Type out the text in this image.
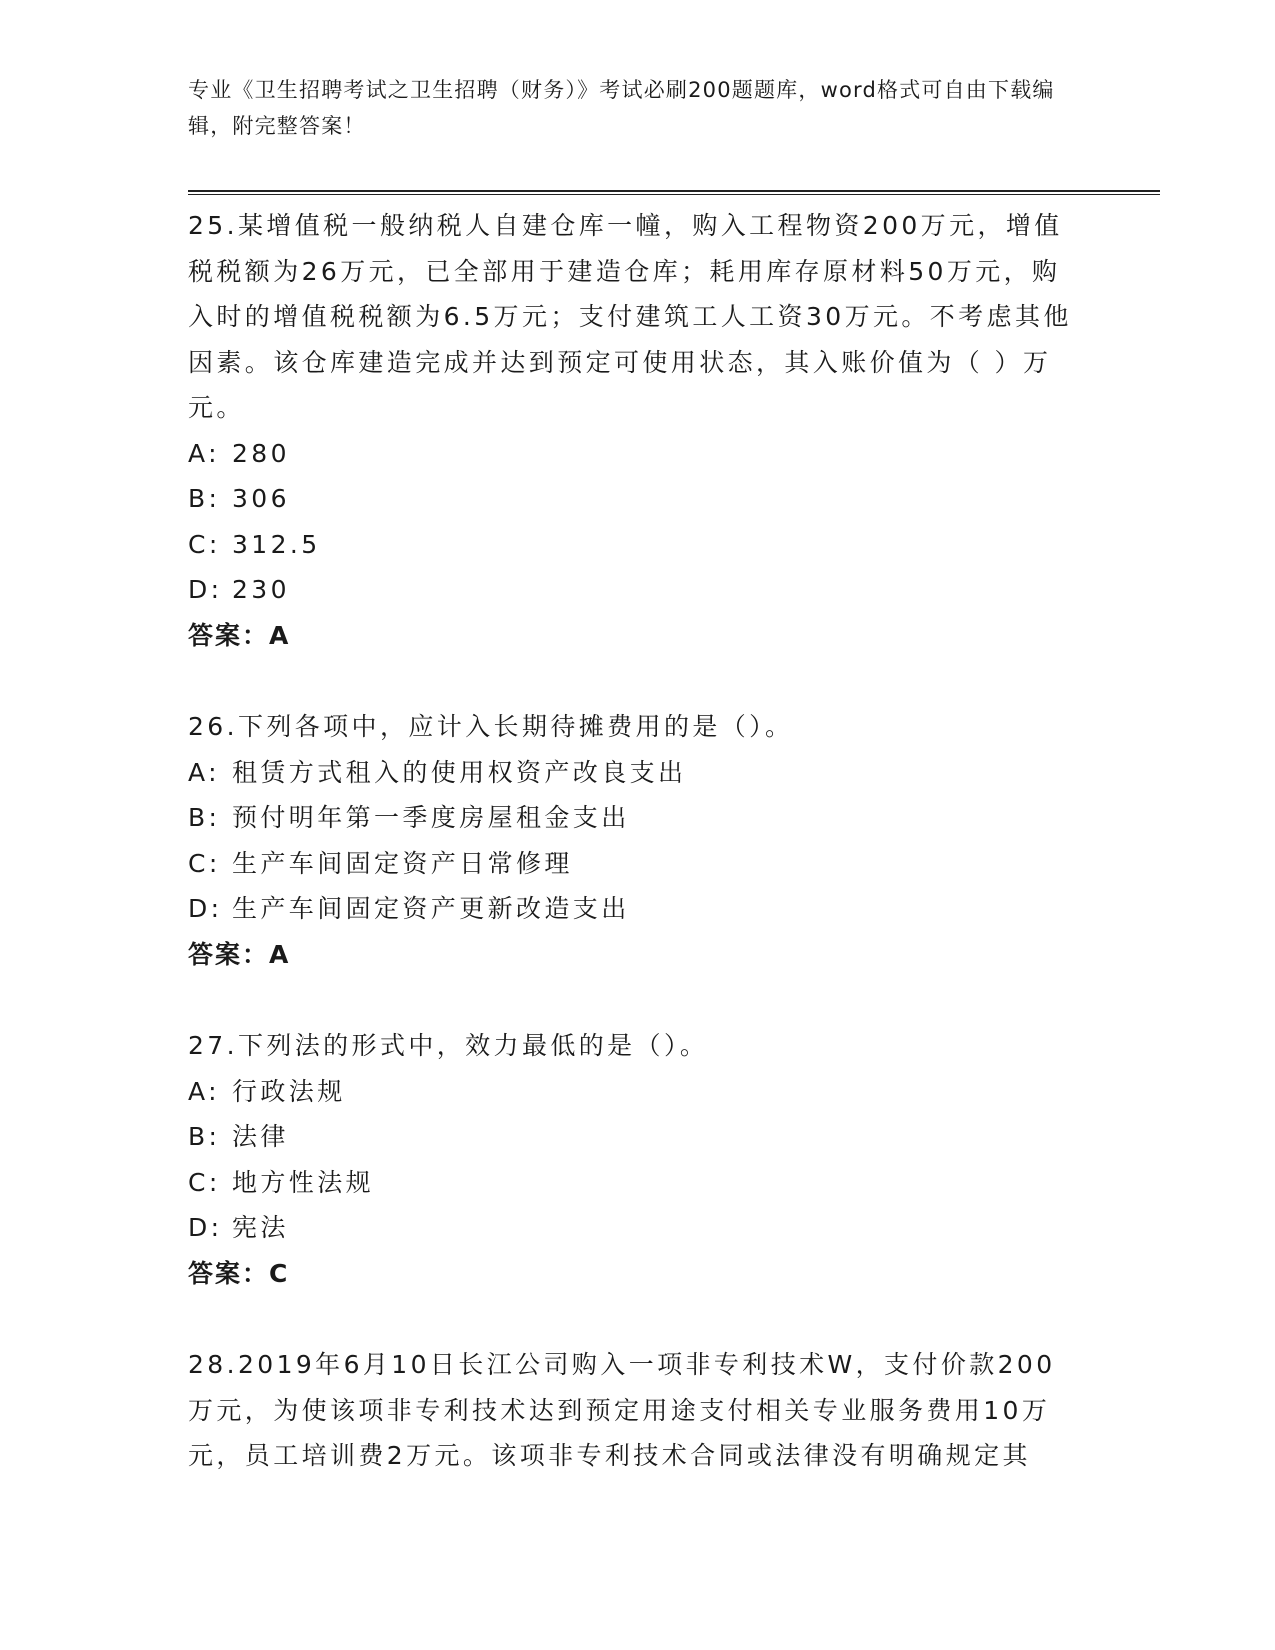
专业《卫生招聘考试之卫生招聘（财务）》考试必刷200题题库，word格式可自由下载编辑，附完整答案！
25.某增值税一般纳税人自建仓库一幢，购入工程物资200万元，增值税税额为26万元，已全部用于建造仓库；耗用库存原材料50万元，购入时的增值税税额为6.5万元；支付建筑工人工资30万元。不考虑其他因素。该仓库建造完成并达到预定可使用状态，其入账价值为（ ）万元。
A: 280
B: 306
C: 312.5
D: 230
答案：A
26.下列各项中，应计入长期待摊费用的是（）。
A: 租赁方式租入的使用权资产改良支出
B: 预付明年第一季度房屋租金支出
C: 生产车间固定资产日常修理
D: 生产车间固定资产更新改造支出
答案：A
27.下列法的形式中，效力最低的是（）。
A: 行政法规
B: 法律
C: 地方性法规
D: 宪法
答案：C
28.2019年6月10日长江公司购入一项非专利技术W，支付价款200万元，为使该项非专利技术达到预定用途支付相关专业服务费用10万元，员工培训费2万元。该项非专利技术合同或法律没有明确规定其
